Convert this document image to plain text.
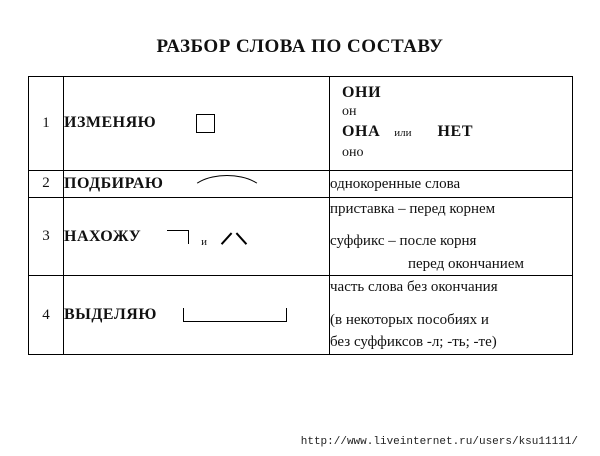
РАЗБОР СЛОВА ПО СОСТАВУ
1	ИЗМЕНЯЮ	ОНИ
он
ОНА или НЕТ
оно

2	ПОДБИРАЮ	однокоренные слова

3	НАХОЖУ и	приставка – перед корнем
суффикс – после корня
перед окончанием

4	ВЫДЕЛЯЮ	часть слова без окончания
(в некоторых пособиях и
без суффиксов -л; -ть; -те)
http://www.liveinternet.ru/users/ksu11111/
